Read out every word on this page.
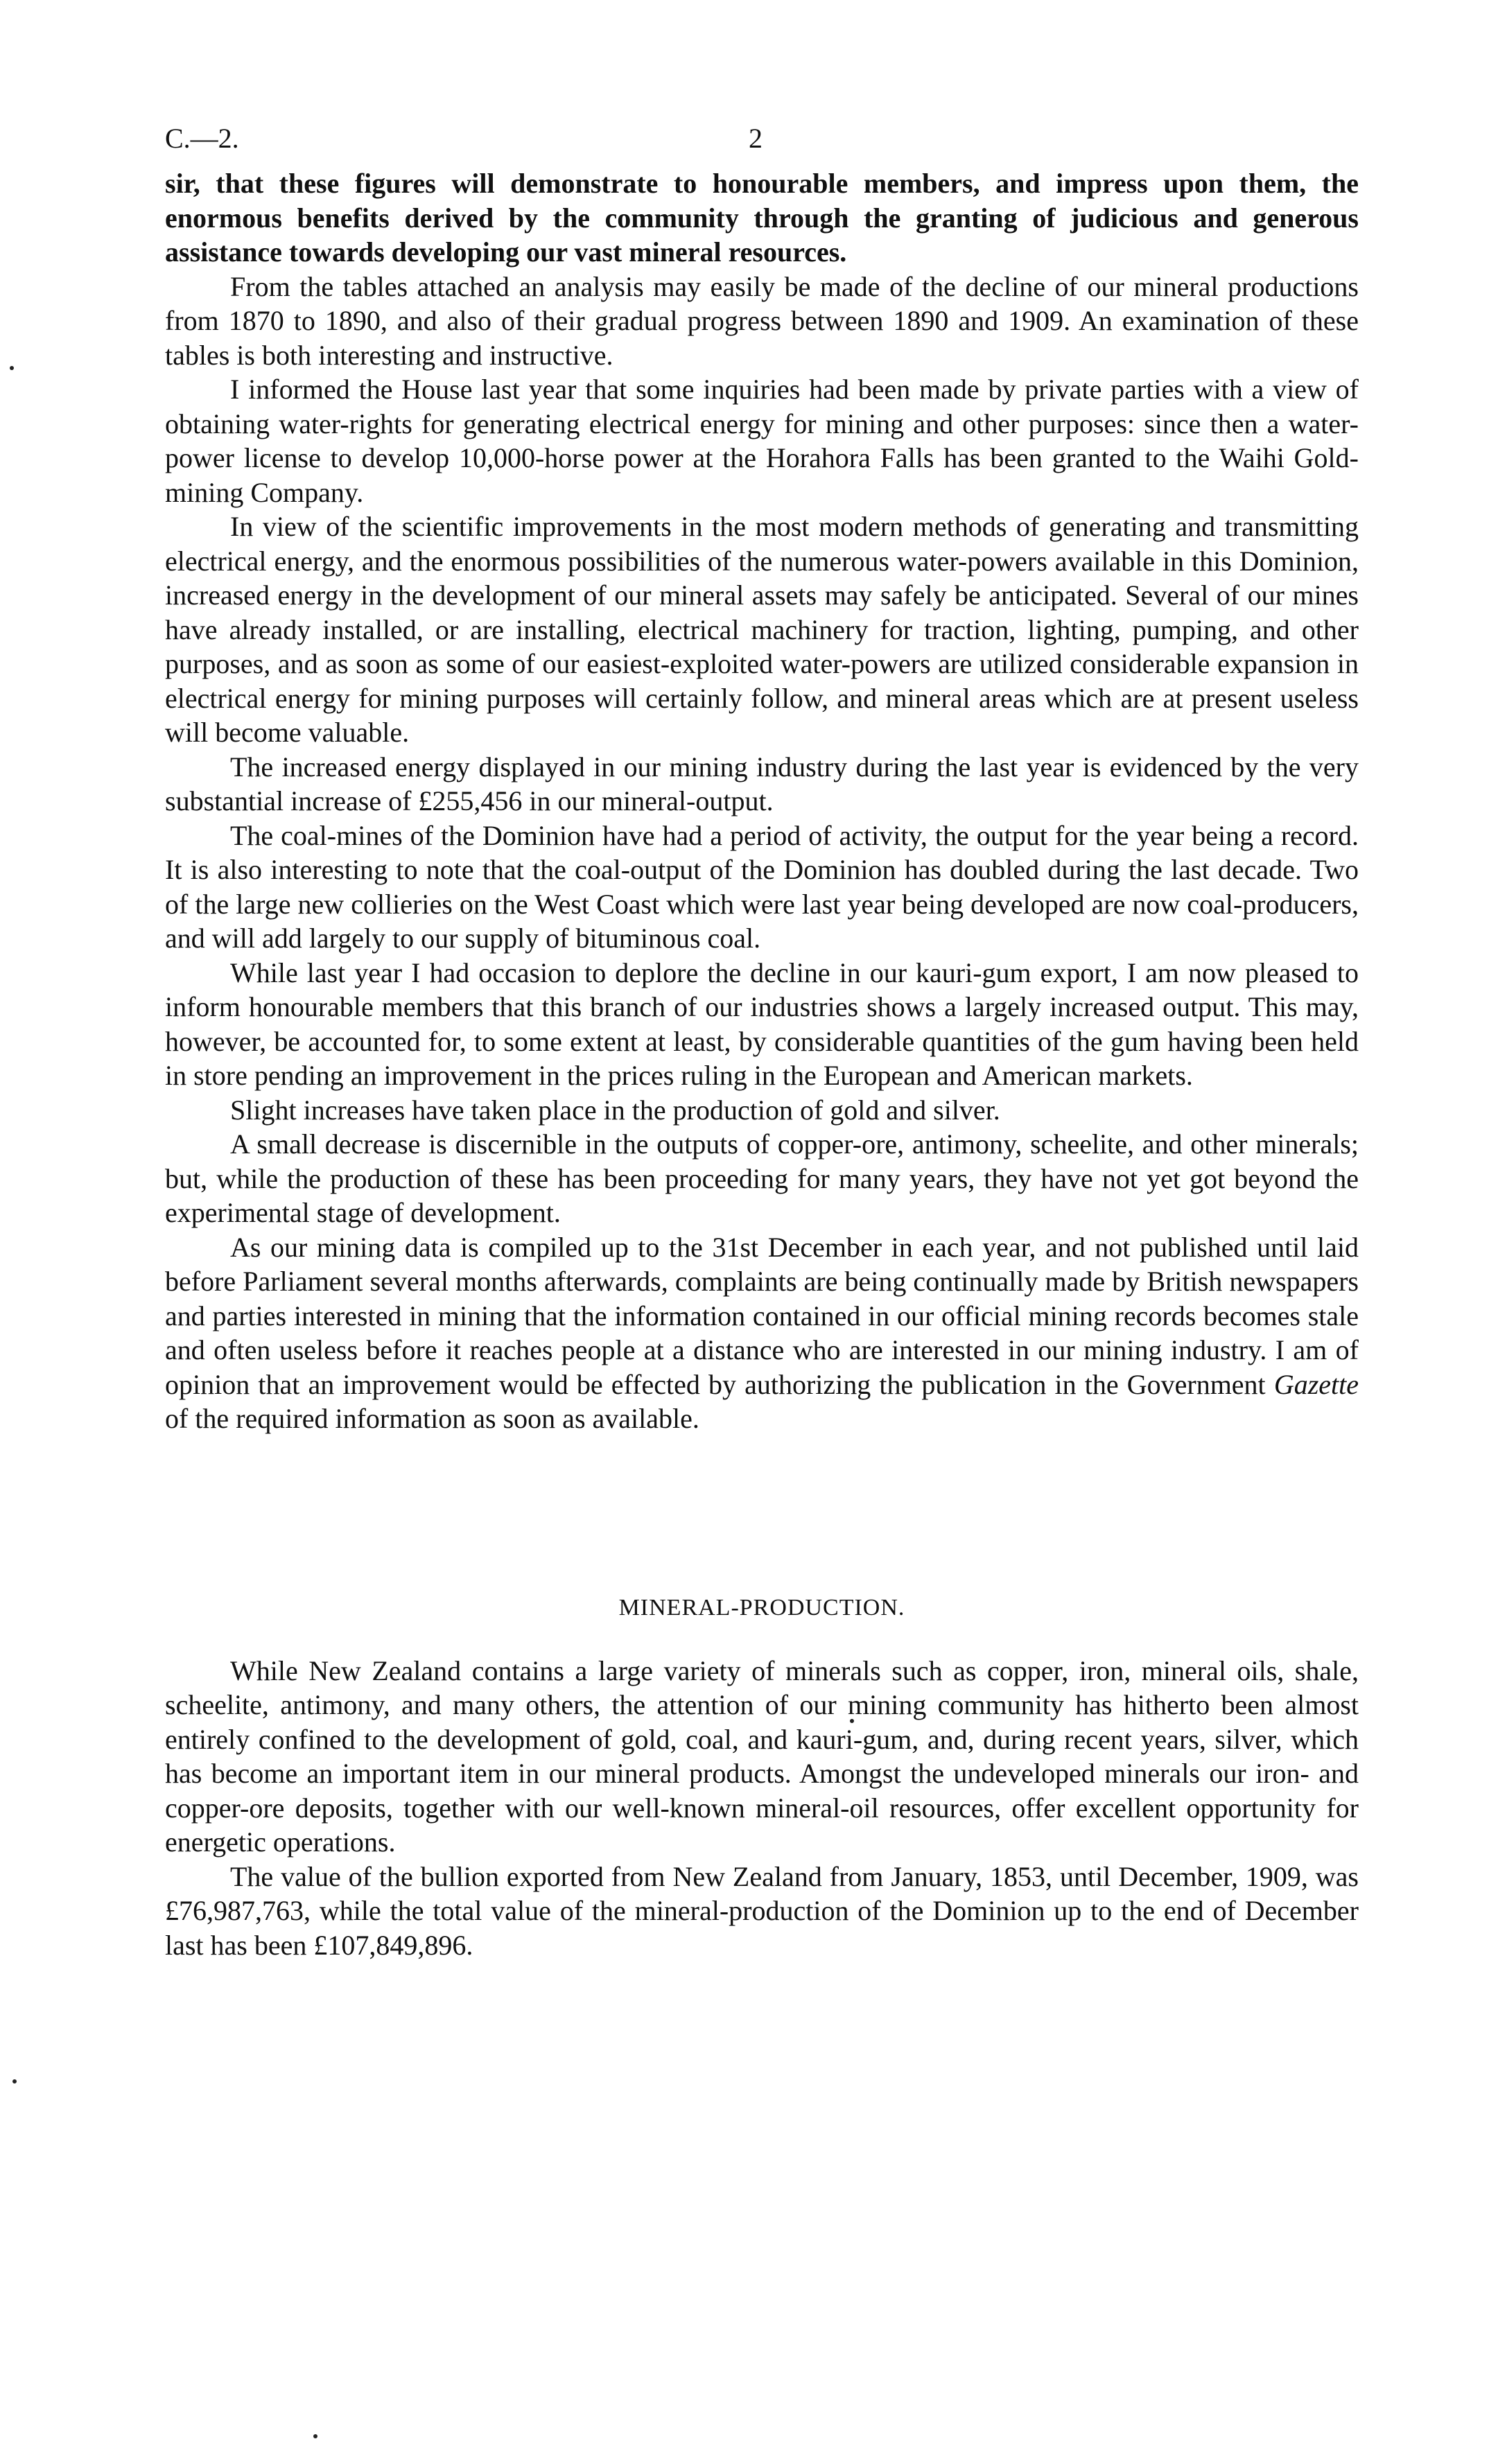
C.—2.	2

sir, that these figures will demonstrate to honourable members, and impress upon them, the enormous benefits derived by the community through the granting of judicious and generous assistance towards developing our vast mineral resources.

From the tables attached an analysis may easily be made of the decline of our mineral productions from 1870 to 1890, and also of their gradual progress between 1890 and 1909. An examination of these tables is both interesting and instructive.

I informed the House last year that some inquiries had been made by private parties with a view of obtaining water-rights for generating electrical energy for mining and other purposes: since then a water-power license to develop 10,000-horse power at the Horahora Falls has been granted to the Waihi Gold-mining Company.

In view of the scientific improvements in the most modern methods of generating and transmitting electrical energy, and the enormous possibilities of the numerous water-powers available in this Dominion, increased energy in the development of our mineral assets may safely be anticipated. Several of our mines have already installed, or are installing, electrical machinery for traction, lighting, pumping, and other purposes, and as soon as some of our easiest-exploited water-powers are utilized considerable expansion in electrical energy for mining purposes will certainly follow, and mineral areas which are at present useless will become valuable.

The increased energy displayed in our mining industry during the last year is evidenced by the very substantial increase of £255,456 in our mineral-output.

The coal-mines of the Dominion have had a period of activity, the output for the year being a record. It is also interesting to note that the coal-output of the Dominion has doubled during the last decade. Two of the large new collieries on the West Coast which were last year being developed are now coal-producers, and will add largely to our supply of bituminous coal.

While last year I had occasion to deplore the decline in our kauri-gum export, I am now pleased to inform honourable members that this branch of our industries shows a largely increased output. This may, however, be accounted for, to some extent at least, by considerable quantities of the gum having been held in store pending an improvement in the prices ruling in the European and American markets.

Slight increases have taken place in the production of gold and silver.

A small decrease is discernible in the outputs of copper-ore, antimony, scheelite, and other minerals; but, while the production of these has been proceeding for many years, they have not yet got beyond the experimental stage of development.

As our mining data is compiled up to the 31st December in each year, and not published until laid before Parliament several months afterwards, complaints are being continually made by British newspapers and parties interested in mining that the information contained in our official mining records becomes stale and often useless before it reaches people at a distance who are interested in our mining industry. I am of opinion that an improvement would be effected by authorizing the publication in the Government Gazette of the required information as soon as available.

MINERAL-PRODUCTION.

While New Zealand contains a large variety of minerals such as copper, iron, mineral oils, shale, scheelite, antimony, and many others, the attention of our mining community has hitherto been almost entirely confined to the development of gold, coal, and kauri-gum, and, during recent years, silver, which has become an important item in our mineral products. Amongst the undeveloped minerals our iron- and copper-ore deposits, together with our well-known mineral-oil resources, offer excellent opportunity for energetic operations.

The value of the bullion exported from New Zealand from January, 1853, until December, 1909, was £76,987,763, while the total value of the mineral-production of the Dominion up to the end of December last has been £107,849,896.
